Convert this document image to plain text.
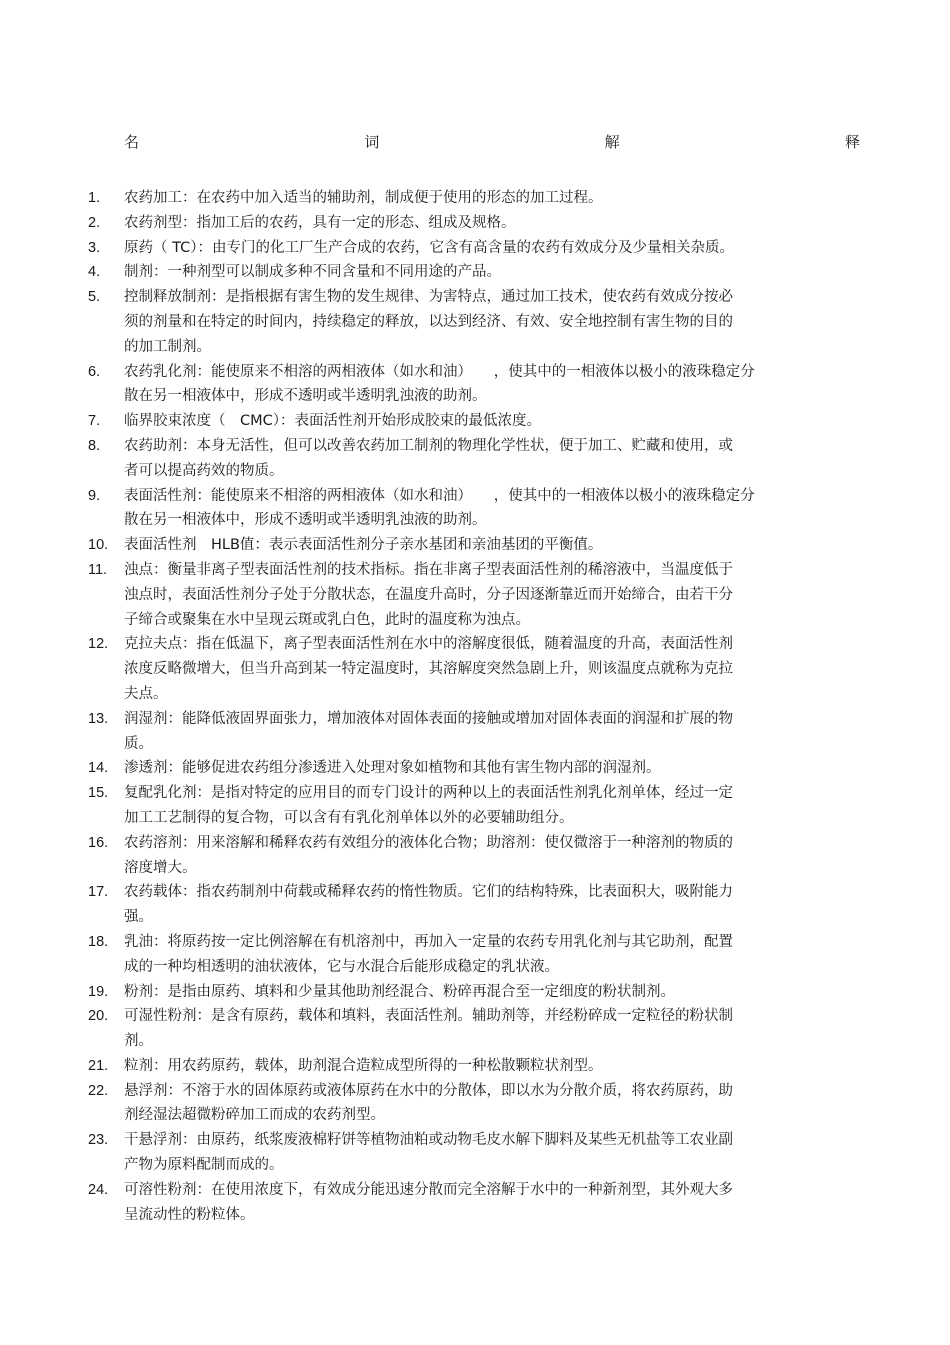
名	词	解	释
1. 农药加工：在农药中加入适当的辅助剂，制成便于使用的形态的加工过程。
2. 农药剂型：指加工后的农药，具有一定的形态、组成及规格。
3. 原药（ TC）：由专门的化工厂生产合成的农药，它含有高含量的农药有效成分及少量相关杂质。
4. 制剂：一种剂型可以制成多种不同含量和不同用途的产品。
5. 控制释放制剂：是指根据有害生物的发生规律、为害特点，通过加工技术，使农药有效成分按必
须的剂量和在特定的时间内，持续稳定的释放，以达到经济、有效、安全地控制有害生物的目的
的加工制剂。
6. 农药乳化剂：能使原来不相溶的两相液体（如水和油）　　，使其中的一相液体以极小的液珠稳定分
散在另一相液体中，形成不透明或半透明乳浊液的助剂。
7. 临界胶束浓度（　CMC）：表面活性剂开始形成胶束的最低浓度。
8. 农药助剂：本身无活性，但可以改善农药加工制剂的物理化学性状，便于加工、贮藏和使用，或
者可以提高药效的物质。
9. 表面活性剂：能使原来不相溶的两相液体（如水和油）　　，使其中的一相液体以极小的液珠稳定分
散在另一相液体中，形成不透明或半透明乳浊液的助剂。
10. 表面活性剂　HLB值：表示表面活性剂分子亲水基团和亲油基团的平衡值。
11. 浊点：衡量非离子型表面活性剂的技术指标。指在非离子型表面活性剂的稀溶液中，当温度低于
浊点时，表面活性剂分子处于分散状态，在温度升高时，分子因逐渐靠近而开始缔合，由若干分
子缔合或聚集在水中呈现云斑或乳白色，此时的温度称为浊点。
12. 克拉夫点：指在低温下，离子型表面活性剂在水中的溶解度很低，随着温度的升高，表面活性剂
浓度反略微增大，但当升高到某一特定温度时，其溶解度突然急剧上升，则该温度点就称为克拉
夫点。
13. 润湿剂：能降低液固界面张力，增加液体对固体表面的接触或增加对固体表面的润湿和扩展的物
质。
14. 渗透剂：能够促进农药组分渗透进入处理对象如植物和其他有害生物内部的润湿剂。
15. 复配乳化剂：是指对特定的应用目的而专门设计的两种以上的表面活性剂乳化剂单体，经过一定
加工工艺制得的复合物，可以含有有乳化剂单体以外的必要辅助组分。
16. 农药溶剂：用来溶解和稀释农药有效组分的液体化合物；助溶剂：使仅微溶于一种溶剂的物质的
溶度增大。
17. 农药载体：指农药制剂中荷载或稀释农药的惰性物质。它们的结构特殊，比表面积大，吸附能力
强。
18. 乳油：将原药按一定比例溶解在有机溶剂中，再加入一定量的农药专用乳化剂与其它助剂，配置
成的一种均相透明的油状液体，它与水混合后能形成稳定的乳状液。
19. 粉剂：是指由原药、填料和少量其他助剂经混合、粉碎再混合至一定细度的粉状制剂。
20. 可湿性粉剂：是含有原药，载体和填料，表面活性剂。辅助剂等，并经粉碎成一定粒径的粉状制
剂。
21. 粒剂：用农药原药，载体，助剂混合造粒成型所得的一种松散颗粒状剂型。
22. 悬浮剂：不溶于水的固体原药或液体原药在水中的分散体，即以水为分散介质，将农药原药，助
剂经湿法超微粉碎加工而成的农药剂型。
23. 干悬浮剂：由原药，纸浆废液棉籽饼等植物油粕或动物毛皮水解下脚料及某些无机盐等工农业副
产物为原料配制而成的。
24. 可溶性粉剂：在使用浓度下，有效成分能迅速分散而完全溶解于水中的一种新剂型，其外观大多
呈流动性的粉粒体。
